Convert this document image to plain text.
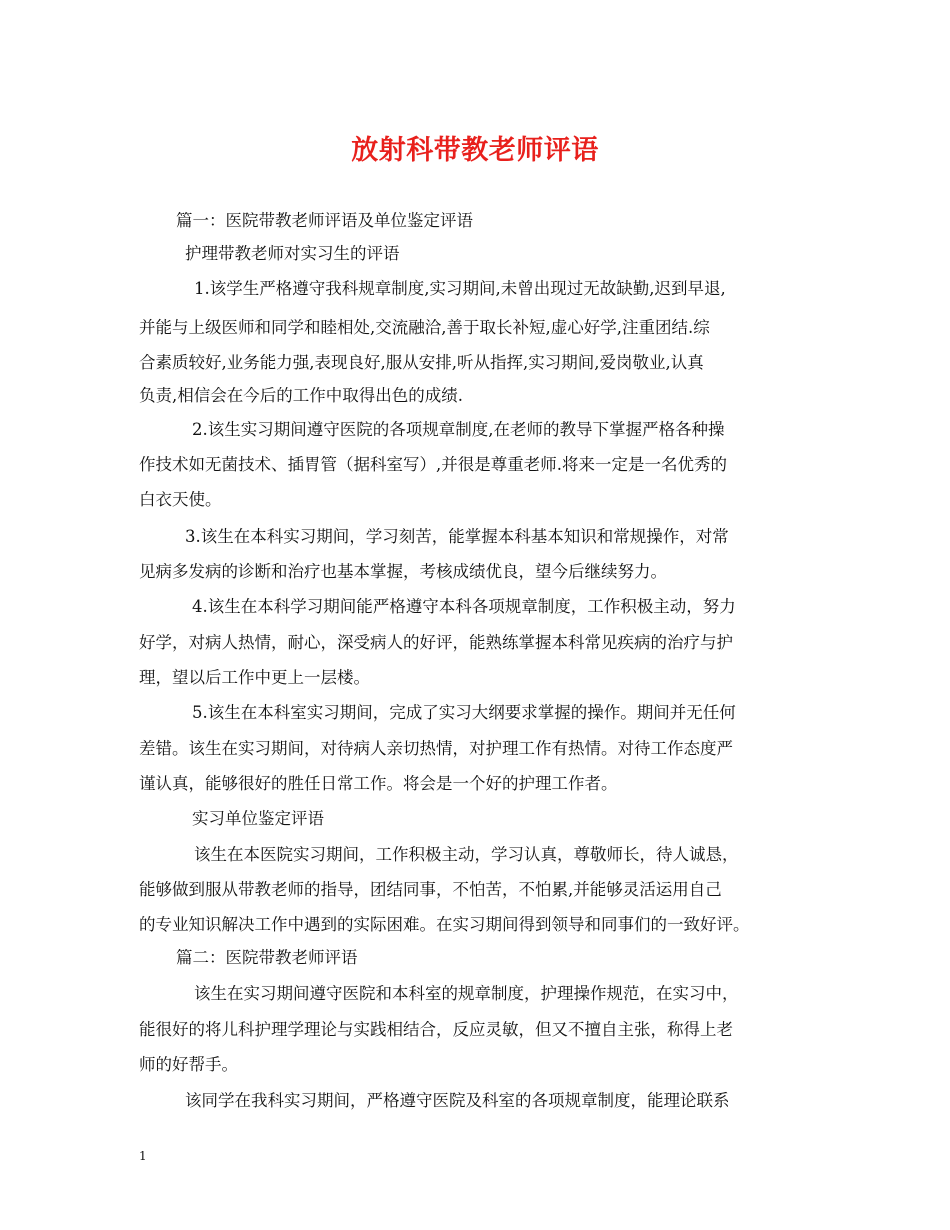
放射科带教老师评语
篇一：医院带教老师评语及单位鉴定评语
护理带教老师对实习生的评语
1.该学生严格遵守我科规章制度,实习期间,未曾出现过无故缺勤,迟到早退,
并能与上级医师和同学和睦相处,交流融洽,善于取长补短,虚心好学,注重团结.综
合素质较好,业务能力强,表现良好,服从安排,听从指挥,实习期间,爱岗敬业,认真
负责,相信会在今后的工作中取得出色的成绩.
2.该生实习期间遵守医院的各项规章制度,在老师的教导下掌握严格各种操
作技术如无菌技术、插胃管（据科室写）,并很是尊重老师.将来一定是一名优秀的
白衣天使。
3.该生在本科实习期间，学习刻苦，能掌握本科基本知识和常规操作，对常
见病多发病的诊断和治疗也基本掌握，考核成绩优良，望今后继续努力。
4.该生在本科学习期间能严格遵守本科各项规章制度，工作积极主动，努力
好学，对病人热情，耐心，深受病人的好评，能熟练掌握本科常见疾病的治疗与护
理，望以后工作中更上一层楼。
5.该生在本科室实习期间，完成了实习大纲要求掌握的操作。期间并无任何
差错。该生在实习期间，对待病人亲切热情，对护理工作有热情。对待工作态度严
谨认真，能够很好的胜任日常工作。将会是一个好的护理工作者。
实习单位鉴定评语
该生在本医院实习期间，工作积极主动，学习认真，尊敬师长，待人诚恳，
能够做到服从带教老师的指导，团结同事，不怕苦，不怕累,并能够灵活运用自己
的专业知识解决工作中遇到的实际困难。在实习期间得到领导和同事们的一致好评。
篇二：医院带教老师评语
该生在实习期间遵守医院和本科室的规章制度，护理操作规范，在实习中，
能很好的将儿科护理学理论与实践相结合，反应灵敏，但又不擅自主张，称得上老
师的好帮手。
该同学在我科实习期间，严格遵守医院及科室的各项规章制度，能理论联系
1
